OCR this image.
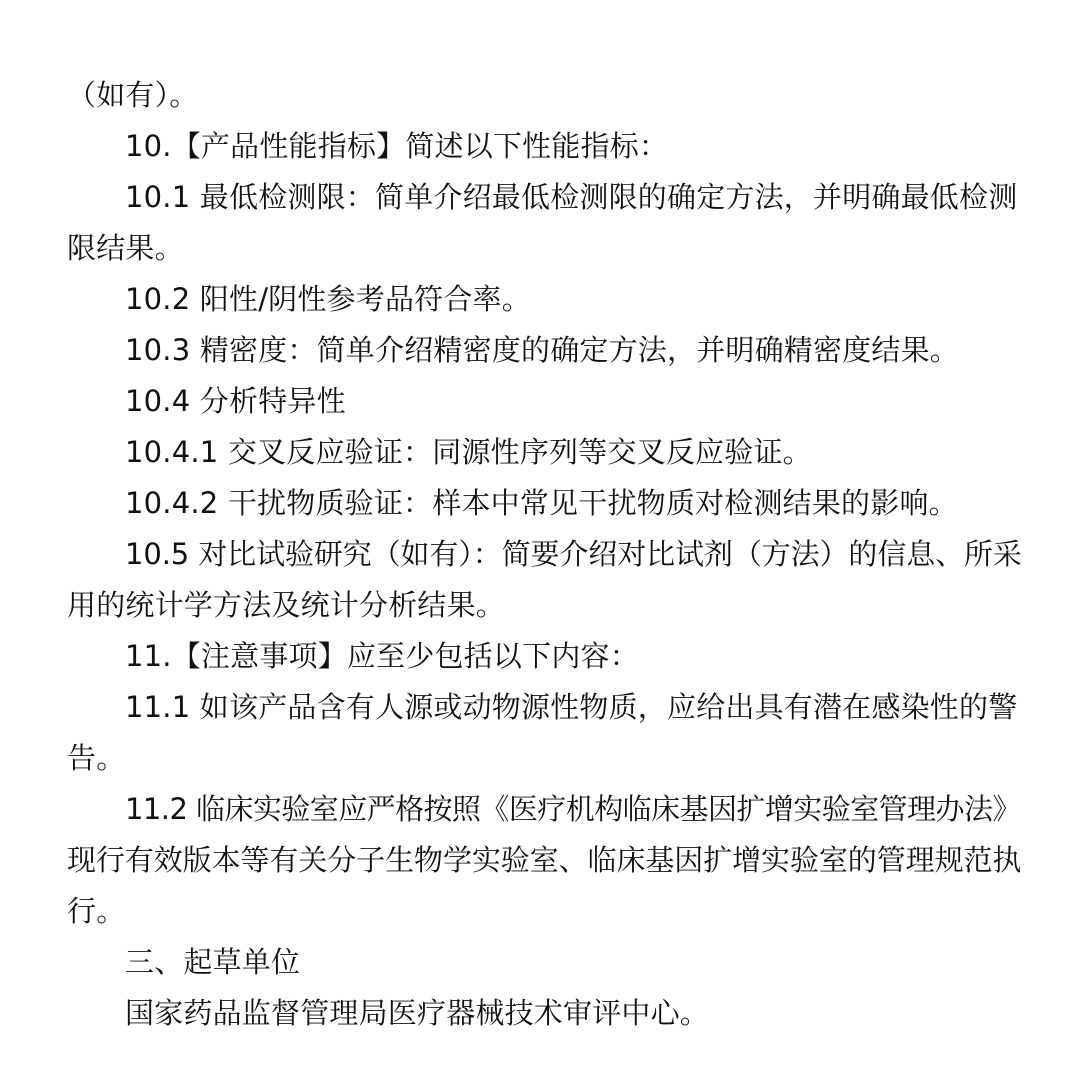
（如有）。
10.【产品性能指标】简述以下性能指标：
10.1 最低检测限：简单介绍最低检测限的确定方法，并明确最低检测
限结果。
10.2 阳性/阴性参考品符合率。
10.3 精密度：简单介绍精密度的确定方法，并明确精密度结果。
10.4 分析特异性
10.4.1 交叉反应验证：同源性序列等交叉反应验证。
10.4.2 干扰物质验证：样本中常见干扰物质对检测结果的影响。
10.5 对比试验研究（如有）：简要介绍对比试剂（方法）的信息、所采
用的统计学方法及统计分析结果。
11.【注意事项】应至少包括以下内容：
11.1 如该产品含有人源或动物源性物质，应给出具有潜在感染性的警
告。
11.2 临床实验室应严格按照《医疗机构临床基因扩增实验室管理办法》
现行有效版本等有关分子生物学实验室、临床基因扩增实验室的管理规范执
行。
三、起草单位
国家药品监督管理局医疗器械技术审评中心。
